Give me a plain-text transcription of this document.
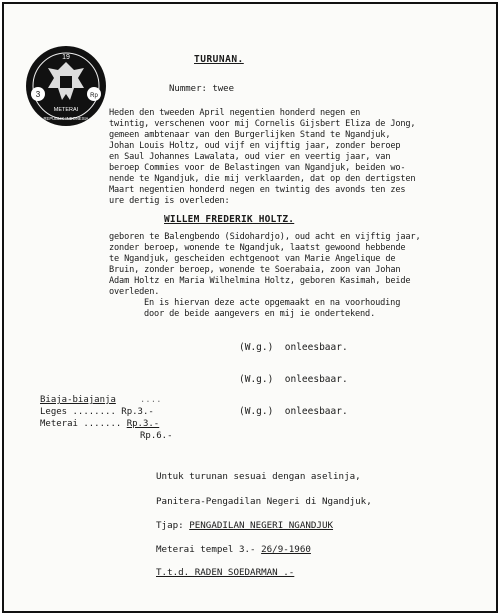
3	Rp
19
METERAI
REPUBLIK INDONESIA
TURUNAN.
Nummer: twee
Heden den tweeden April negentien honderd negen en
twintig, verschenen voor mij Cornelis Gijsbert Eliza de Jong,
gemeen ambtenaar van den Burgerlijken Stand te Ngandjuk,
Johan Louis Holtz, oud vijf en vijftig jaar, zonder beroep
en Saul Johannes Lawalata, oud vier en veertig jaar, van
beroep Commies voor de Belastingen van Ngandjuk, beiden wo-
nende te Ngandjuk, die mij verklaarden, dat op den dertigsten
Maart negentien honderd negen en twintig des avonds ten zes
ure dertig is overleden:
WILLEM FREDERIK HOLTZ.
geboren te Balengbendo (Sidohardjo), oud acht en vijftig jaar,
zonder beroep, wonende te Ngandjuk, laatst gewoond hebbende
te Ngandjuk, gescheiden echtgenoot van Marie Angelique de
Bruin, zonder beroep, wonende te Soerabaia, zoon van Johan
Adam Holtz en Maria Wilhelmina Holtz, geboren Kasimah, beide
overleden.
En is hiervan deze acte opgemaakt en na voorhouding
door de beide aangevers en mij ie ondertekend.
(W.g.)  onleesbaar.
(W.g.)  onleesbaar.
(W.g.)  onleesbaar.
Biaja-biajanja	....
Leges ........ Rp.3.-
Meterai ....... Rp.3.-
Rp.6.-
Untuk turunan sesuai dengan aselinja,
Panitera-Pengadilan Negeri di Ngandjuk,
Tjap: PENGADILAN NEGERI NGANDJUK
Meterai tempel 3.- 26/9-1960
T.t.d. RADEN SOEDARMAN .-
